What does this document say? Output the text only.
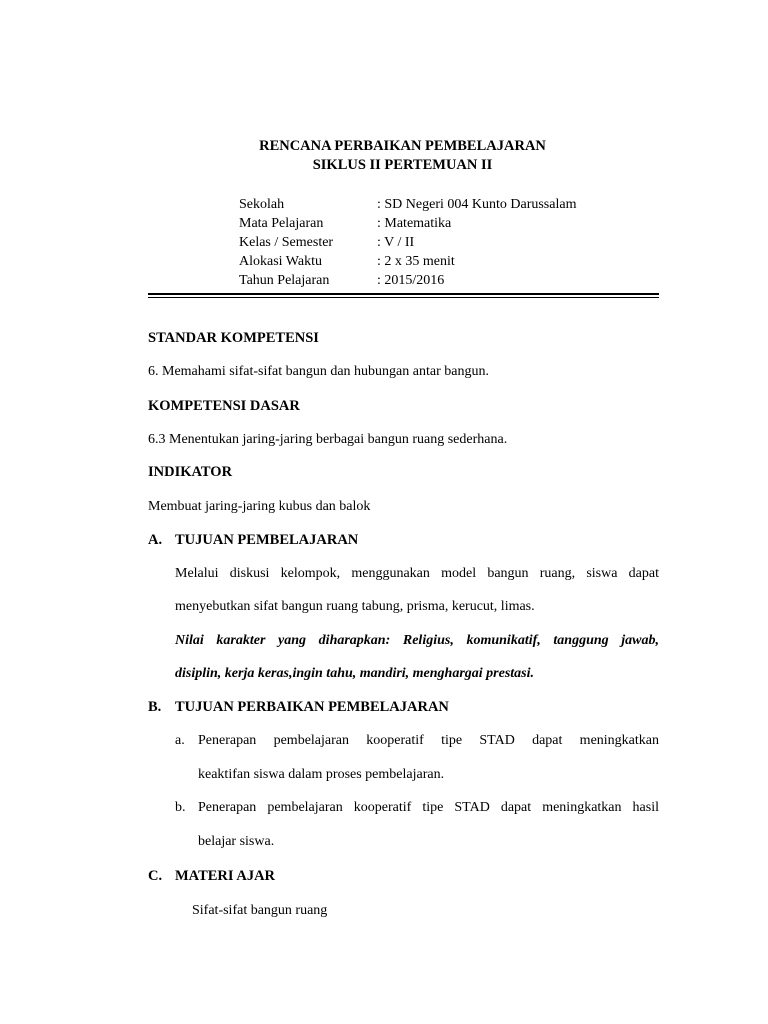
RENCANA PERBAIKAN PEMBELAJARAN
SIKLUS II PERTEMUAN II
Sekolah	: SD Negeri 004 Kunto Darussalam
Mata Pelajaran	: Matematika
Kelas / Semester	: V / II
Alokasi Waktu	: 2 x 35 menit
Tahun Pelajaran	: 2015/2016
STANDAR KOMPETENSI
6. Memahami sifat-sifat bangun dan hubungan antar bangun.
KOMPETENSI DASAR
6.3 Menentukan jaring-jaring berbagai bangun ruang sederhana.
INDIKATOR
Membuat jaring-jaring kubus dan balok
A. TUJUAN PEMBELAJARAN
Melalui diskusi kelompok, menggunakan model bangun ruang, siswa dapat
menyebutkan sifat bangun ruang tabung, prisma, kerucut, limas.
Nilai karakter yang diharapkan: Religius, komunikatif, tanggung jawab,
disiplin, kerja keras,ingin tahu, mandiri, menghargai prestasi.
B. TUJUAN PERBAIKAN PEMBELAJARAN
a. Penerapan pembelajaran kooperatif tipe STAD dapat meningkatkan
keaktifan siswa dalam proses pembelajaran.
b. Penerapan pembelajaran kooperatif tipe STAD dapat meningkatkan hasil
belajar siswa.
C. MATERI AJAR
Sifat-sifat bangun ruang
